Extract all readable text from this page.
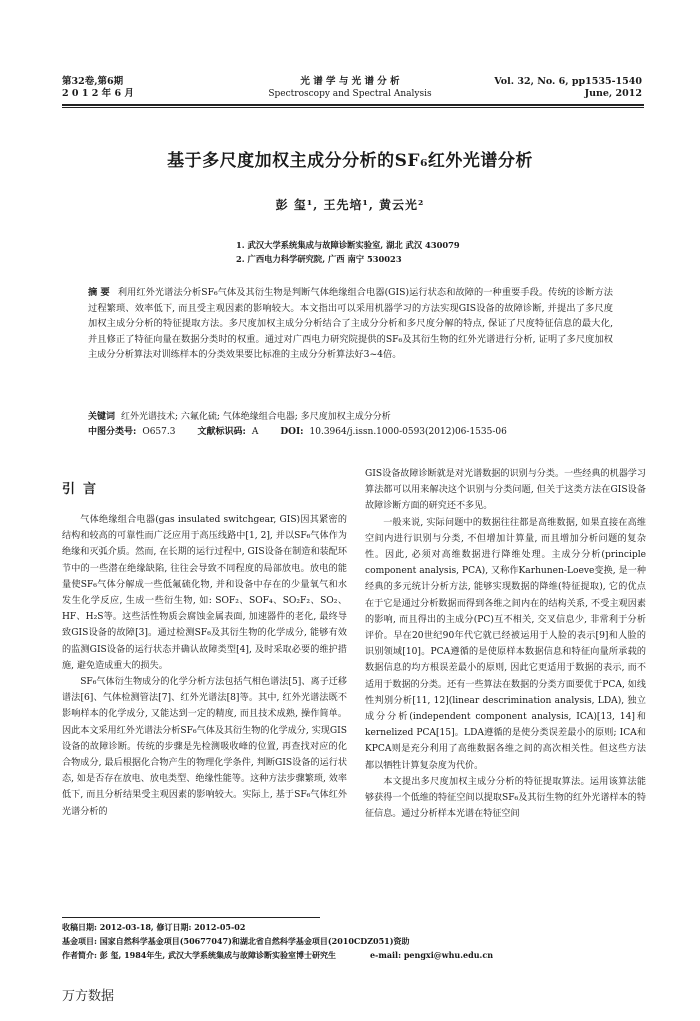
第32卷,第6期
2 0 1 2 年 6 月
光 谱 学 与 光 谱 分 析
Spectroscopy and Spectral Analysis
Vol. 32, No. 6, pp1535-1540
June, 2012
基于多尺度加权主成分分析的SF₆红外光谱分析
彭 玺¹, 王先培¹, 黄云光²
1. 武汉大学系统集成与故障诊断实验室, 湖北 武汉 430079
2. 广西电力科学研究院, 广西 南宁 530023
摘 要 利用红外光谱法分析SF₆气体及其衍生物是判断气体绝缘组合电器(GIS)运行状态和故障的一种重要手段。传统的诊断方法过程繁琐、效率低下, 而且受主观因素的影响较大。本文指出可以采用机器学习的方法实现GIS设备的故障诊断, 并提出了多尺度加权主成分分析的特征提取方法。多尺度加权主成分分析结合了主成分分析和多尺度分解的特点, 保证了尺度特征信息的最大化, 并且修正了特征向量在数据分类时的权重。通过对广西电力研究院提供的SF₆及其衍生物的红外光谱进行分析, 证明了多尺度加权主成分分析算法对训练样本的分类效果要比标准的主成分分析算法好3~4倍。
关键词 红外光谱技术; 六氟化硫; 气体绝缘组合电器; 多尺度加权主成分分析
中图分类号: O657.3 文献标识码: A DOI: 10.3964/j.issn.1000-0593(2012)06-1535-06
引言

气体绝缘组合电器(gas insulated switchgear, GIS)因其紧密的结构和较高的可靠性而广泛应用于高压线路中[1, 2], 并以SF₆气体作为绝缘和灭弧介质。然而, 在长期的运行过程中, GIS设备在制造和装配环节中的一些潜在绝缘缺陷, 往往会导致不同程度的局部放电。放电的能量使SF₆气体分解成一些低氟硫化物, 并和设备中存在的少量氧气和水发生化学反应, 生成一些衍生物, 如: SOF₂、SOF₄、SO₂F₂、SO₂、HF、H₂S等。这些活性物质会腐蚀金属表面, 加速器件的老化, 最终导致GIS设备的故障[3]。通过检测SF₆及其衍生物的化学成分, 能够有效的监测GIS设备的运行状态并确认故障类型[4], 及时采取必要的维护措施, 避免造成重大的损失。

SF₆气体衍生物成分的化学分析方法包括气相色谱法[5]、离子迁移谱法[6]、气体检测管法[7]、红外光谱法[8]等。其中, 红外光谱法既不影响样本的化学成分, 又能达到一定的精度, 而且技术成熟, 操作简单。因此本文采用红外光谱法分析SF₆气体及其衍生物的化学成分, 实现GIS设备的故障诊断。传统的步骤是先检测吸收峰的位置, 再查找对应的化合物成分, 最后根据化合物产生的物理化学条件, 判断GIS设备的运行状态, 如是否存在放电、放电类型、绝缘性能等。这种方法步骤繁琐, 效率低下, 而且分析结果受主观因素的影响较大。实际上, 基于SF₆气体红外光谱分析的

GIS设备故障诊断就是对光谱数据的识别与分类。一些经典的机器学习算法都可以用来解决这个识别与分类问题, 但关于这类方法在GIS设备故障诊断方面的研究还不多见。

一般来说, 实际问题中的数据往往都是高维数据, 如果直接在高维空间内进行识别与分类, 不但增加计算量, 而且增加分析问题的复杂性。因此, 必须对高维数据进行降维处理。主成分分析(principle component analysis, PCA), 又称作Karhunen-Loeve变换, 是一种经典的多元统计分析方法, 能够实现数据的降维(特征提取), 它的优点在于它是通过分析数据而得到各维之间内在的结构关系, 不受主观因素的影响, 而且得出的主成分(PC)互不相关, 交叉信息少, 非常利于分析评价。早在20世纪90年代它就已经被运用于人脸的表示[9]和人脸的识别领域[10]。PCA遵循的是使原样本数据信息和特征向量所承载的数据信息的均方根误差最小的原则, 因此它更适用于数据的表示, 而不适用于数据的分类。还有一些算法在数据的分类方面要优于PCA, 如线性判别分析[11, 12](linear descrimination analysis, LDA), 独立成分分析(independent component analysis, ICA)[13, 14]和kernelized PCA[15]。LDA遵循的是使分类误差最小的原则; ICA和KPCA则是充分利用了高维数据各维之间的高次相关性。但这些方法都以牺牲计算复杂度为代价。

本文提出多尺度加权主成分分析的特征提取算法。运用该算法能够获得一个低维的特征空间以提取SF₆及其衍生物的红外光谱样本的特征信息。通过分析样本光谱在特征空间

收稿日期: 2012-03-18, 修订日期: 2012-05-02
基金项目: 国家自然科学基金项目(50677047)和湖北省自然科学基金项目(2010CDZ051)资助
作者简介: 彭 玺, 1984年生, 武汉大学系统集成与故障诊断实验室博士研究生	e-mail: pengxi@whu.edu.cn
万方数据
